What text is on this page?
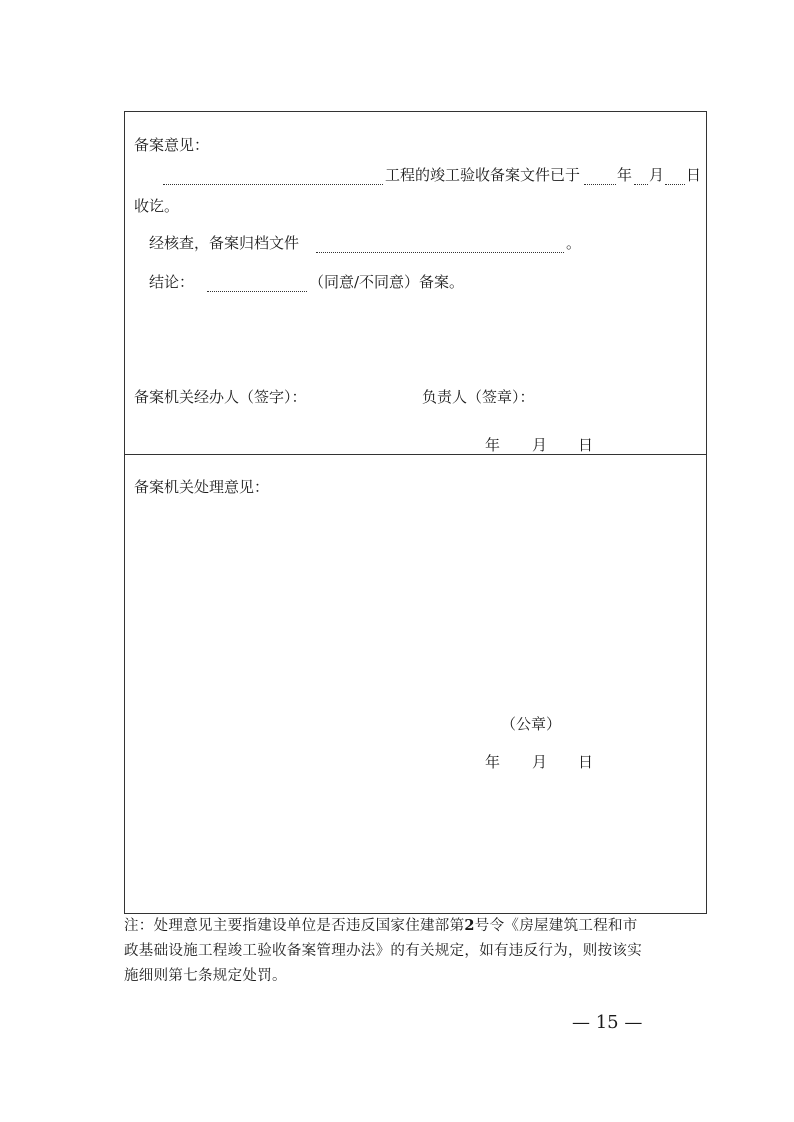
备案意见：
工程的竣工验收备案文件已于 年 月 日
收讫。
经核查，备案归档文件	。
结论：	（同意/不同意）备案。
备案机关经办人（签字）：	负责人（签章）：
年 月 日
备案机关处理意见：
（公章）
年 月 日
注：处理意见主要指建设单位是否违反国家住建部第2号令《房屋建筑工程和市
政基础设施工程竣工验收备案管理办法》的有关规定，如有违反行为，则按该实
施细则第七条规定处罚。
— 15 —
